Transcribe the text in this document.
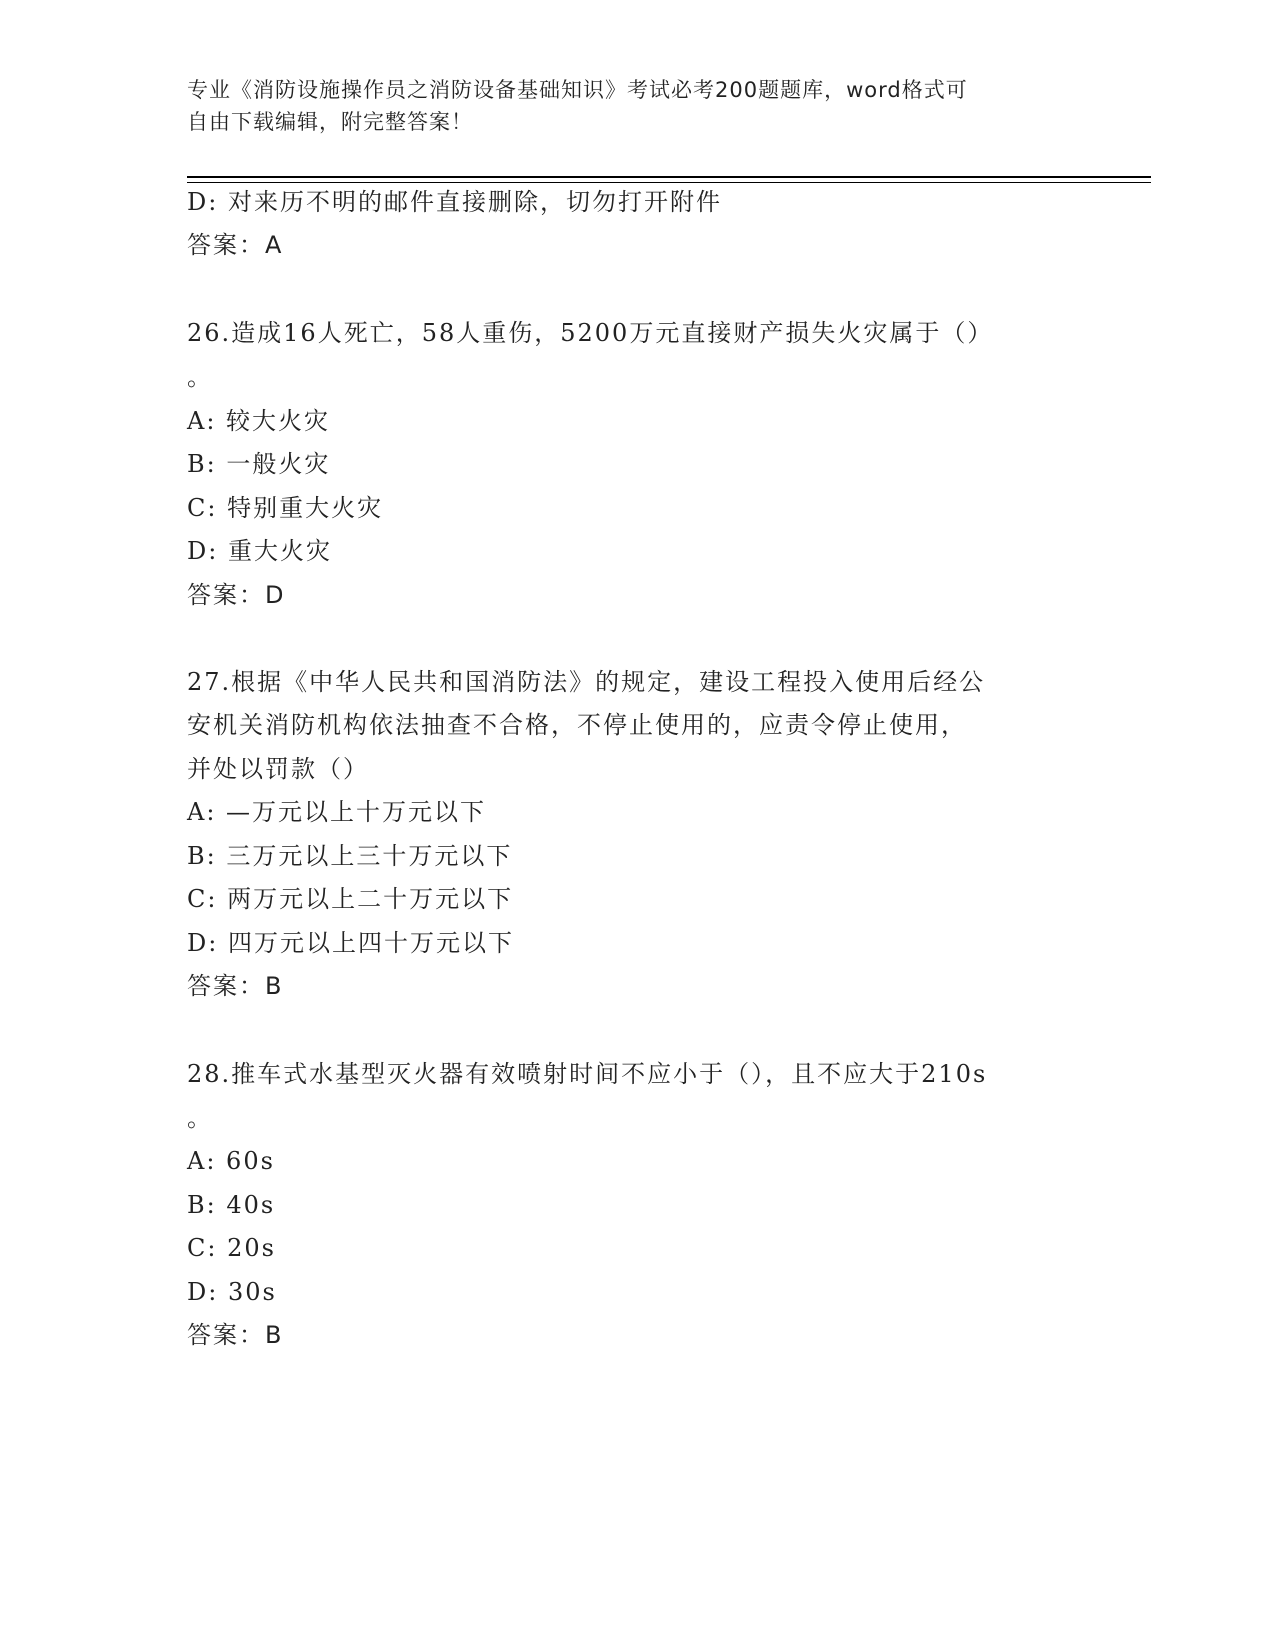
专业《消防设施操作员之消防设备基础知识》考试必考200题题库，word格式可
自由下载编辑，附完整答案！
D: 对来历不明的邮件直接删除，切勿打开附件
答案：A
26.造成16人死亡，58人重伤，5200万元直接财产损失火灾属于（）
。
A: 较大火灾
B: 一般火灾
C: 特别重大火灾
D: 重大火灾
答案：D
27.根据《中华人民共和国消防法》的规定，建设工程投入使用后经公
安机关消防机构依法抽查不合格，不停止使用的，应责令停止使用，
并处以罚款（）
A: —万元以上十万元以下
B: 三万元以上三十万元以下
C: 两万元以上二十万元以下
D: 四万元以上四十万元以下
答案：B
28.推车式水基型灭火器有效喷射时间不应小于（），且不应大于210s
。
A: 60s
B: 40s
C: 20s
D: 30s
答案：B
